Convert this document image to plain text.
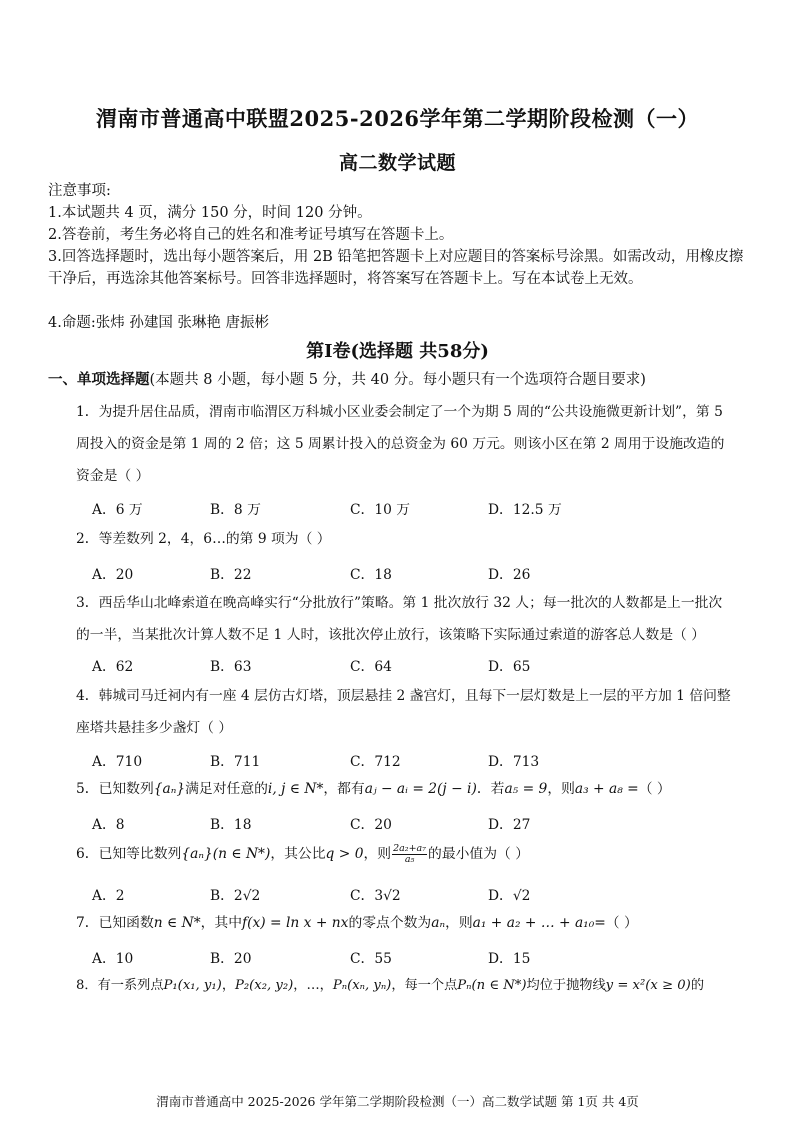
渭南市普通高中联盟2025-2026学年第二学期阶段检测（一）
高二数学试题
注意事项:
1.本试题共 4 页，满分 150 分，时间 120 分钟。
2.答卷前，考生务必将自己的姓名和准考证号填写在答题卡上。
3.回答选择题时，选出每小题答案后，用 2B 铅笔把答题卡上对应题目的答案标号涂黑。如需改动，用橡皮擦干净后，再选涂其他答案标号。回答非选择题时，将答案写在答题卡上。写在本试卷上无效。
4.命题:张炜 孙建国 张琳艳 唐振彬
第Ⅰ卷(选择题 共58分)
一、单项选择题(本题共 8 小题，每小题 5 分，共 40 分。每小题只有一个选项符合题目要求)
1．为提升居住品质，渭南市临渭区万科城小区业委会制定了一个为期 5 周的“公共设施微更新计划”，第 5 周投入的资金是第 1 周的 2 倍；这 5 周累计投入的总资金为 60 万元。则该小区在第 2 周用于设施改造的资金是（ ）
A．6 万	B．8 万	C．10 万	D．12.5 万
2．等差数列 2，4，6…的第 9 项为（ ）
A．20	B．22	C．18	D．26
3．西岳华山北峰索道在晚高峰实行“分批放行”策略。第 1 批次放行 32 人；每一批次的人数都是上一批次的一半，当某批次计算人数不足 1 人时，该批次停止放行，该策略下实际通过索道的游客总人数是（ ）
A．62	B．63	C．64	D．65
4．韩城司马迁祠内有一座 4 层仿古灯塔，顶层悬挂 2 盏宫灯，且每下一层灯数是上一层的平方加 1 倍问整座塔共悬挂多少盏灯（ ）
A．710	B．711	C．712	D．713
5．已知数列{aₙ}满足对任意的i, j ∈ N*，都有aⱼ − aᵢ = 2(j − i)．若a₅ = 9，则a₃ + a₈ =（ ）
A．8	B．18	C．20	D．27
6．已知等比数列{aₙ}(n ∈ N*)，其公比q > 0，则 $\frac{\text{2a₂+a₇}}{\text{a₅}}$ 的最小值为（ ）
A．2	B．2√2	C．3√2	D．√2
7．已知函数n ∈ N*，其中f(x) = ln x + nx的零点个数为aₙ，则a₁ + a₂ + … + a₁₀=（ ）
A．10	B．20	C．55	D．15
8．有一系列点P₁(x₁, y₁)，P₂(x₂, y₂)，…，Pₙ(xₙ, yₙ)，每一个点Pₙ(n ∈ N*)均位于抛物线y = x²(x ≥ 0)的
渭南市普通高中 2025-2026 学年第二学期阶段检测（一）高二数学试题 第 1页 共 4页
